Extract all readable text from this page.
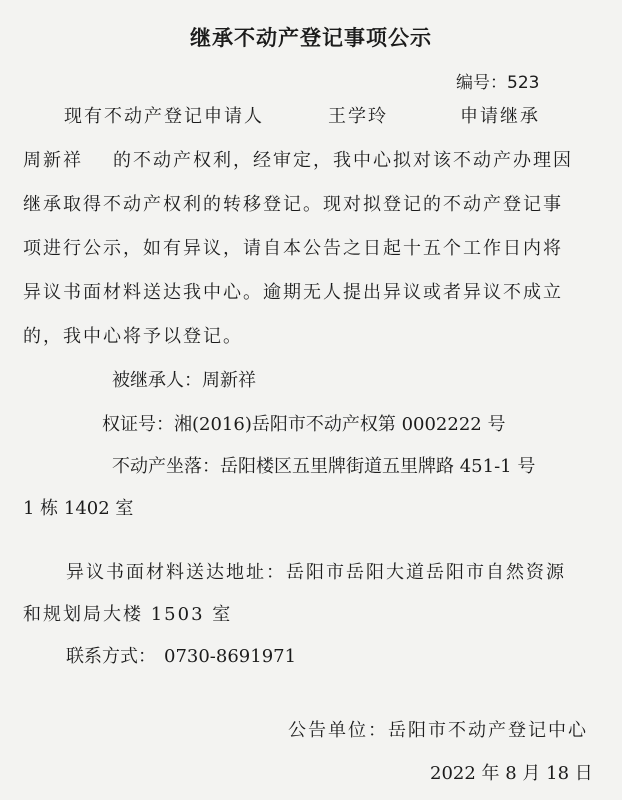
继承不动产登记事项公示
编号：523
现有不动产登记申请人	王学玲	申请继承
周新祥 的不动产权利，经审定，我中心拟对该不动产办理因
继承取得不动产权利的转移登记。现对拟登记的不动产登记事
项进行公示，如有异议，请自本公告之日起十五个工作日内将
异议书面材料送达我中心。逾期无人提出异议或者异议不成立
的，我中心将予以登记。
被继承人：周新祥
权证号：湘(2016)岳阳市不动产权第 0002222 号
不动产坐落：岳阳楼区五里牌街道五里牌路 451-1 号
1 栋 1402 室
异议书面材料送达地址：岳阳市岳阳大道岳阳市自然资源
和规划局大楼 1503 室
联系方式： 0730-8691971
公告单位：岳阳市不动产登记中心
2022 年 8 月 18 日
